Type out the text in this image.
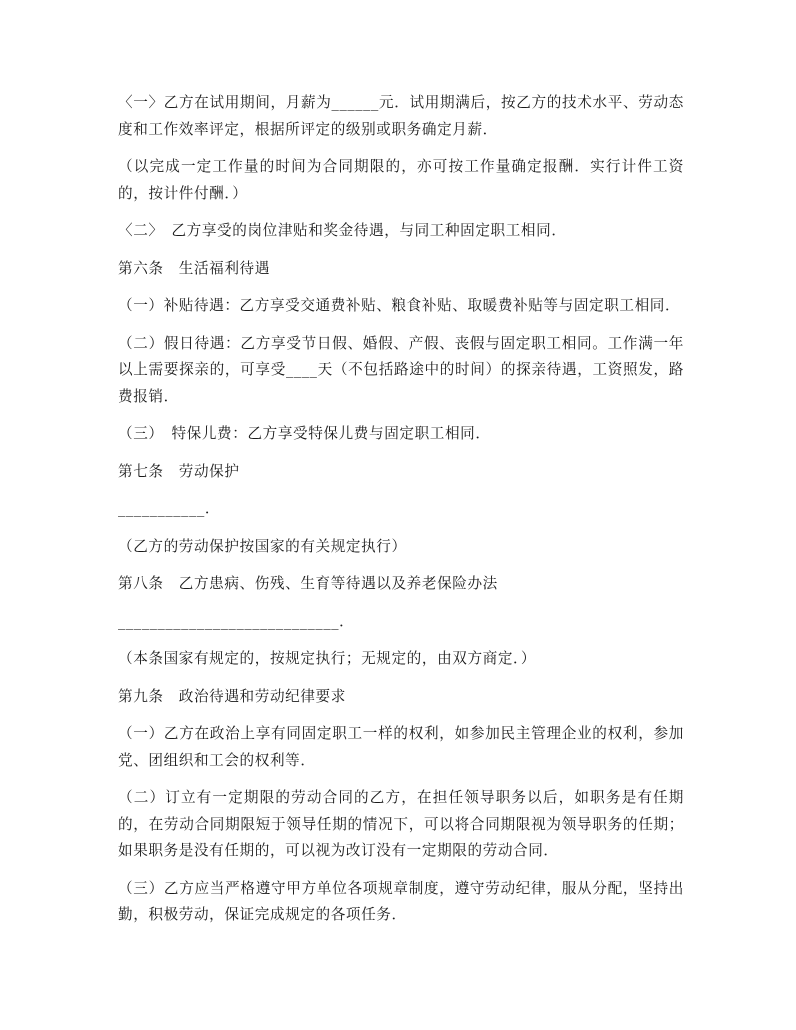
〈一〉乙方在试用期间，月薪为______元．试用期满后，按乙方的技术水平、劳动态度和工作效率评定，根据所评定的级别或职务确定月薪．

（以完成一定工作量的时间为合同期限的，亦可按工作量确定报酬．实行计件工资的，按计件付酬．）

〈二〉　乙方享受的岗位津贴和奖金待遇，与同工种固定职工相同．

第六条　生活福利待遇

（一）补贴待遇：乙方享受交通费补贴、粮食补贴、取暖费补贴等与固定职工相同．

（二）假日待遇：乙方享受节日假、婚假、产假、丧假与固定职工相同。工作满一年以上需要探亲的，可享受____天（不包括路途中的时间）的探亲待遇，工资照发，路费报销．

（三）　特保儿费：乙方享受特保儿费与固定职工相同．

第七条　劳动保护

___________．

（乙方的劳动保护按国家的有关规定执行）

第八条　乙方患病、伤残、生育等待遇以及养老保险办法

____________________________．

（本条国家有规定的，按规定执行；无规定的，由双方商定．）

第九条　政治待遇和劳动纪律要求

（一）乙方在政治上享有同固定职工一样的权利，如参加民主管理企业的权利，参加党、团组织和工会的权利等．

（二）订立有一定期限的劳动合同的乙方，在担任领导职务以后，如职务是有任期的，在劳动合同期限短于领导任期的情况下，可以将合同期限视为领导职务的任期；如果职务是没有任期的，可以视为改订没有一定期限的劳动合同．

（三）乙方应当严格遵守甲方单位各项规章制度，遵守劳动纪律，服从分配，坚持出勤，积极劳动，保证完成规定的各项任务．
